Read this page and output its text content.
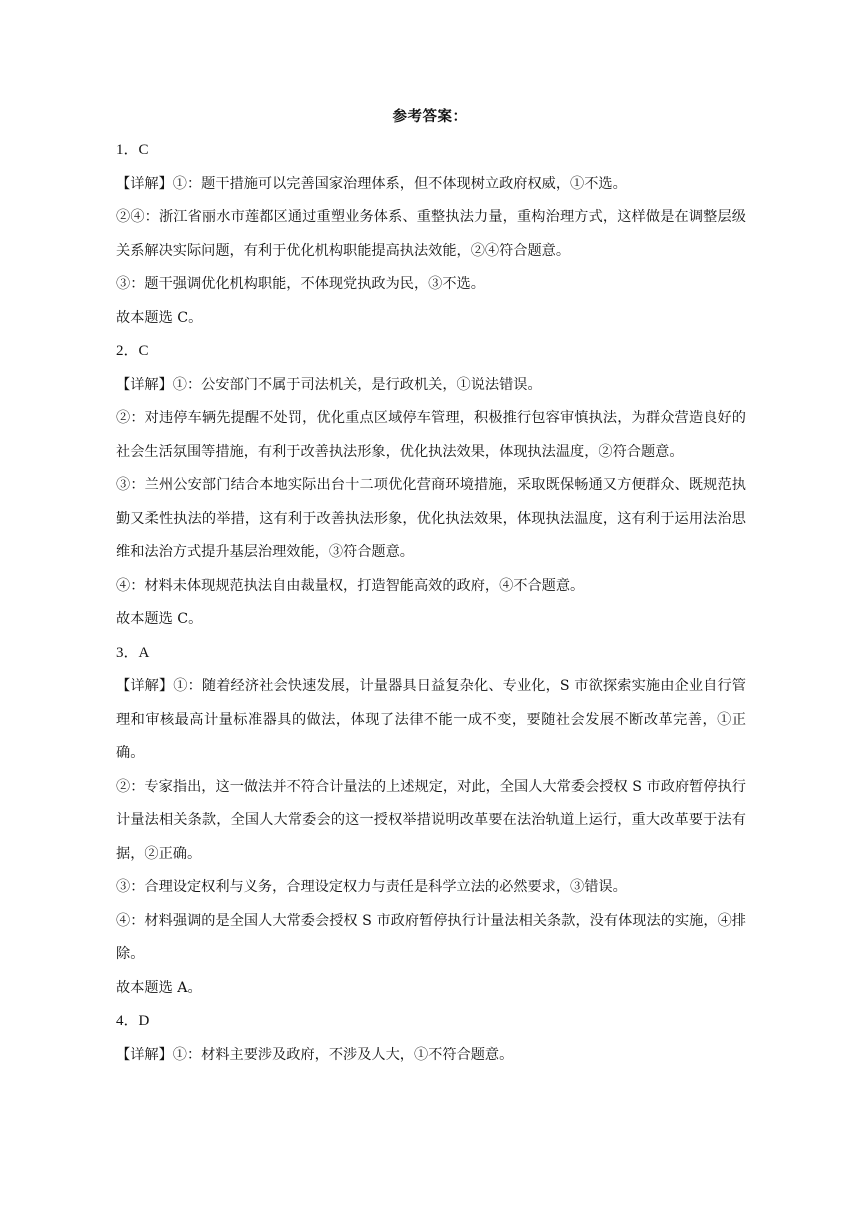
参考答案：

1．C

【详解】①：题干措施可以完善国家治理体系，但不体现树立政府权威，①不选。

②④：浙江省丽水市莲都区通过重塑业务体系、重整执法力量，重构治理方式，这样做是在调整层级关系解决实际问题，有利于优化机构职能提高执法效能，②④符合题意。

③：题干强调优化机构职能，不体现党执政为民，③不选。

故本题选 C。

2．C

【详解】①：公安部门不属于司法机关，是行政机关，①说法错误。

②：对违停车辆先提醒不处罚，优化重点区域停车管理，积极推行包容审慎执法，为群众营造良好的社会生活氛围等措施，有利于改善执法形象，优化执法效果，体现执法温度，②符合题意。

③：兰州公安部门结合本地实际出台十二项优化营商环境措施，采取既保畅通又方便群众、既规范执勤又柔性执法的举措，这有利于改善执法形象，优化执法效果，体现执法温度，这有利于运用法治思维和法治方式提升基层治理效能，③符合题意。

④：材料未体现规范执法自由裁量权，打造智能高效的政府，④不合题意。

故本题选 C。

3．A

【详解】①：随着经济社会快速发展，计量器具日益复杂化、专业化，S 市欲探索实施由企业自行管理和审核最高计量标准器具的做法，体现了法律不能一成不变，要随社会发展不断改革完善，①正确。

②：专家指出，这一做法并不符合计量法的上述规定，对此，全国人大常委会授权 S 市政府暂停执行计量法相关条款，全国人大常委会的这一授权举措说明改革要在法治轨道上运行，重大改革要于法有据，②正确。

③：合理设定权利与义务，合理设定权力与责任是科学立法的必然要求，③错误。

④：材料强调的是全国人大常委会授权 S 市政府暂停执行计量法相关条款，没有体现法的实施，④排除。

故本题选 A。

4．D

【详解】①：材料主要涉及政府，不涉及人大，①不符合题意。
